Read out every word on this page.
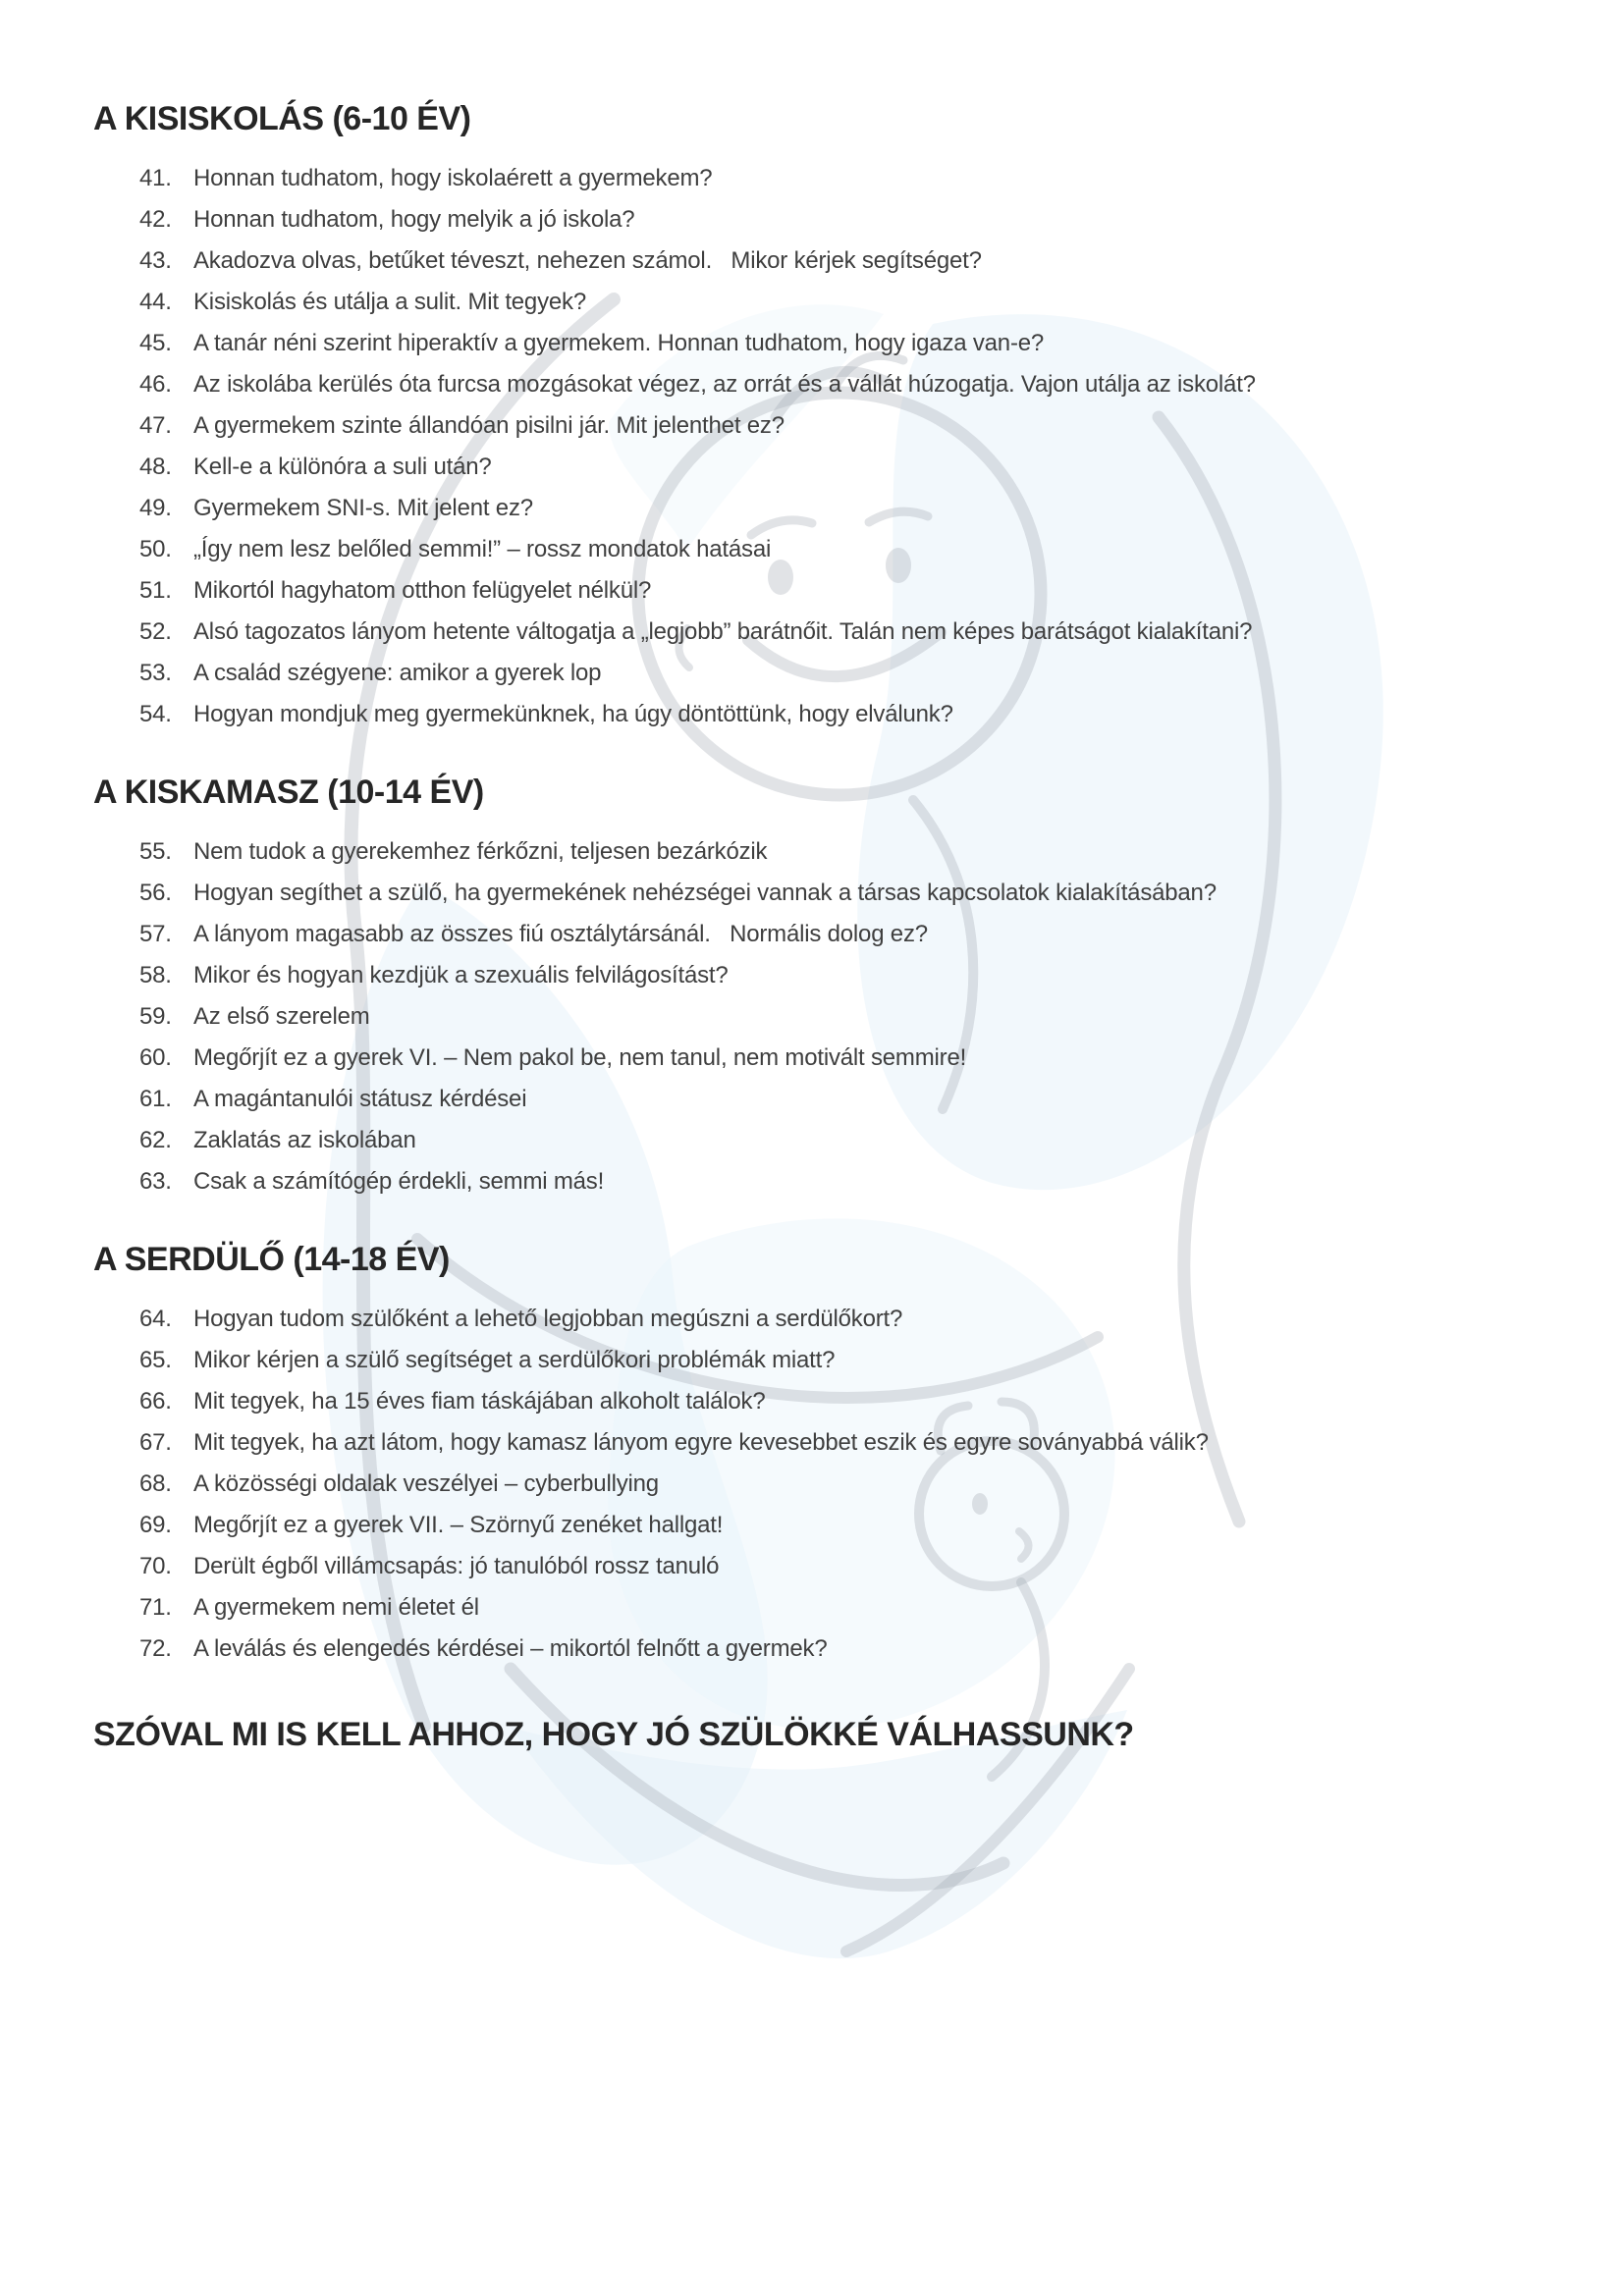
A KISISKOLÁS (6-10 ÉV)
41. Honnan tudhatom, hogy iskolaérett a gyermekem?
42. Honnan tudhatom, hogy melyik a jó iskola?
43. Akadozva olvas, betűket téveszt, nehezen számol.   Mikor kérjek segítséget?
44. Kisiskolás és utálja a sulit. Mit tegyek?
45. A tanár néni szerint hiperaktív a gyermekem. Honnan tudhatom, hogy igaza van-e?
46. Az iskolába kerülés óta furcsa mozgásokat végez, az orrát és a vállát húzogatja. Vajon utálja az iskolát?
47. A gyermekem szinte állandóan pisilni jár. Mit jelenthet ez?
48. Kell-e a különóra a suli után?
49. Gyermekem SNI-s. Mit jelent ez?
50. „Így nem lesz belőled semmi!” – rossz mondatok hatásai
51. Mikortól hagyhatom otthon felügyelet nélkül?
52. Alsó tagozatos lányom hetente váltogatja a „legjobb” barátnőit. Talán nem képes barátságot kialakítani?
53. A család szégyene: amikor a gyerek lop
54. Hogyan mondjuk meg gyermekünknek, ha úgy döntöttünk, hogy elválunk?
A KISKAMASZ (10-14 ÉV)
55. Nem tudok a gyerekemhez férkőzni, teljesen bezárkózik
56. Hogyan segíthet a szülő, ha gyermekének nehézségei vannak a társas kapcsolatok kialakításában?
57. A lányom magasabb az összes fiú osztálytársánál.   Normális dolog ez?
58. Mikor és hogyan kezdjük a szexuális felvilágosítást?
59. Az első szerelem
60. Megőrjít ez a gyerek VI. – Nem pakol be, nem tanul, nem motivált semmire!
61. A magántanulói státusz kérdései
62. Zaklatás az iskolában
63. Csak a számítógép érdekli, semmi más!
A SERDÜLŐ (14-18 ÉV)
64. Hogyan tudom szülőként a lehető legjobban megúszni a serdülőkort?
65. Mikor kérjen a szülő segítséget a serdülőkori problémák miatt?
66. Mit tegyek, ha 15 éves fiam táskájában alkoholt találok?
67. Mit tegyek, ha azt látom, hogy kamasz lányom egyre kevesebbet eszik és egyre soványabbá válik?
68. A közösségi oldalak veszélyei – cyberbullying
69. Megőrjít ez a gyerek VII. – Szörnyű zenéket hallgat!
70. Derült égből villámcsapás: jó tanulóból rossz tanuló
71. A gyermekem nemi életet él
72. A leválás és elengedés kérdései – mikortól felnőtt a gyermek?
SZÓVAL MI IS KELL AHHOZ, HOGY JÓ SZÜLÖKKÉ VÁLHASSUNK?
